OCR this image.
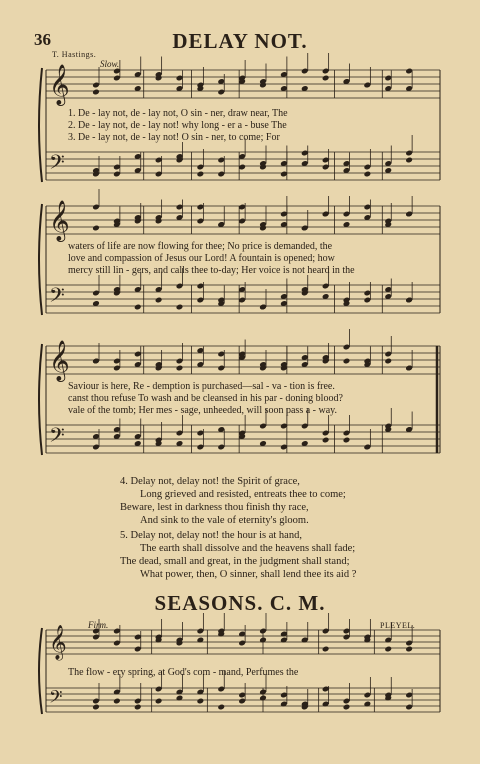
36	DELAY NOT.
T. Hastings.
Slow.
𝄞
𝄢
𝄞
𝄢
𝄞
𝄢
𝄞
𝄢
1. De - lay not, de - lay not, O sin - ner, draw near, The
2. De - lay not, de - lay not! why long - er a - buse The
3. De - lay not, de - lay not! O sin - ner, to come; For
waters of life are now flowing for thee; No price is demanded, the
love and compassion of Jesus our Lord! A fountain is opened; how
mercy still lin - gers, and calls thee to-day; Her voice is not heard in the
Saviour is here, Re - demption is purchased—sal - va - tion is free.
canst thou refuse To wash and be cleansed in his par - doning blood?
vale of the tomb; Her mes - sage, unheeded, will soon pass a - way.
4. Delay not, delay not! the Spirit of grace,
Long grieved and resisted, entreats thee to come;
Beware, lest in darkness thou finish thy race,
And sink to the vale of eternity's gloom.
5. Delay not, delay not! the hour is at hand,
The earth shall dissolve and the heavens shall fade;
The dead, small and great, in the judgment shall stand;
What power, then, O sinner, shall lend thee its aid ?
SEASONS. C. M.
PLEYEL.
Firm.
The flow - ery spring, at God's com - mand, Perfumes the
